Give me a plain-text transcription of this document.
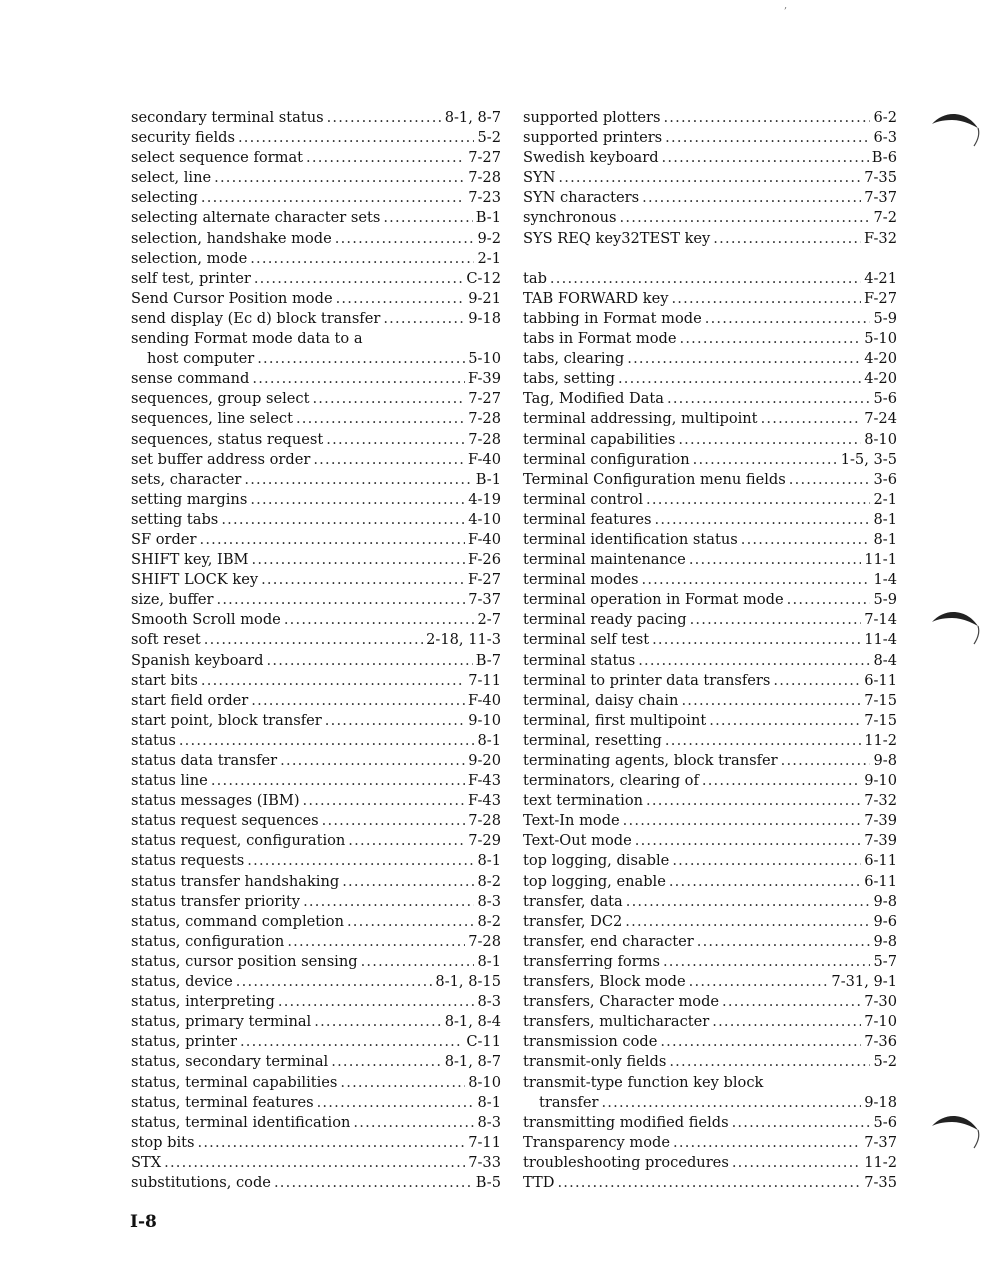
,
secondary terminal status .....	8-1, 8-7
security fields .....	5-2
select sequence format .....	7-27
select, line .....	7-28
selecting .....	7-23
selecting alternate character sets .....	B-1
selection, handshake mode .....	9-2
selection, mode .....	2-1
self test, printer .....	C-12
Send Cursor Position mode .....	9-21
send display (Ec d) block transfer .....	9-18
sending Format mode data to a
host computer .....	5-10
sense command .....	F-39
sequences, group select .....	7-27
sequences, line select .....	7-28
sequences, status request .....	7-28
set buffer address order .....	F-40
sets, character .....	B-1
setting margins .....	4-19
setting tabs .....	4-10
SF order .....	F-40
SHIFT key, IBM .....	F-26
SHIFT LOCK key .....	F-27
size, buffer .....	7-37
Smooth Scroll mode .....	2-7
soft reset .....	2-18, 11-3
Spanish keyboard .....	B-7
start bits .....	7-11
start field order .....	F-40
start point, block transfer .....	9-10
status .....	8-1
status data transfer .....	9-20
status line .....	F-43
status messages (IBM) .....	F-43
status request sequences .....	7-28
status request, configuration .....	7-29
status requests .....	8-1
status transfer handshaking .....	8-2
status transfer priority .....	8-3
status, command completion .....	8-2
status, configuration .....	7-28
status, cursor position sensing .....	8-1
status, device .....	8-1, 8-15
status, interpreting .....	8-3
status, primary terminal .....	8-1, 8-4
status, printer .....	C-11
status, secondary terminal .....	8-1, 8-7
status, terminal capabilities .....	8-10
status, terminal features .....	8-1
status, terminal identification .....	8-3
stop bits .....	7-11
STX .....	7-33
substitutions, code .....	B-5
supported plotters .....	6-2
supported printers .....	6-3
Swedish keyboard .....	B-6
SYN .....	7-35
SYN characters .....	7-37
synchronous .....	7-2
SYS REQ key32TEST key .....	F-32
tab .....	4-21
TAB FORWARD key .....	F-27
tabbing in Format mode .....	5-9
tabs in Format mode .....	5-10
tabs, clearing .....	4-20
tabs, setting .....	4-20
Tag, Modified Data .....	5-6
terminal addressing, multipoint .....	7-24
terminal capabilities .....	8-10
terminal configuration .....	1-5, 3-5
Terminal Configuration menu fields .....	3-6
terminal control .....	2-1
terminal features .....	8-1
terminal identification status .....	8-1
terminal maintenance .....	11-1
terminal modes .....	1-4
terminal operation in Format mode .....	5-9
terminal ready pacing .....	7-14
terminal self test .....	11-4
terminal status .....	8-4
terminal to printer data transfers .....	6-11
terminal, daisy chain .....	7-15
terminal, first multipoint .....	7-15
terminal, resetting .....	11-2
terminating agents, block transfer .....	9-8
terminators, clearing of .....	9-10
text termination .....	7-32
Text-In mode .....	7-39
Text-Out mode .....	7-39
top logging, disable .....	6-11
top logging, enable .....	6-11
transfer, data .....	9-8
transfer, DC2 .....	9-6
transfer, end character .....	9-8
transferring forms .....	5-7
transfers, Block mode .....	7-31, 9-1
transfers, Character mode .....	7-30
transfers, multicharacter .....	7-10
transmission code .....	7-36
transmit-only fields .....	5-2
transmit-type function key block
transfer .....	9-18
transmitting modified fields .....	5-6
Transparency mode .....	7-37
troubleshooting procedures .....	11-2
TTD .....	7-35
I-8
